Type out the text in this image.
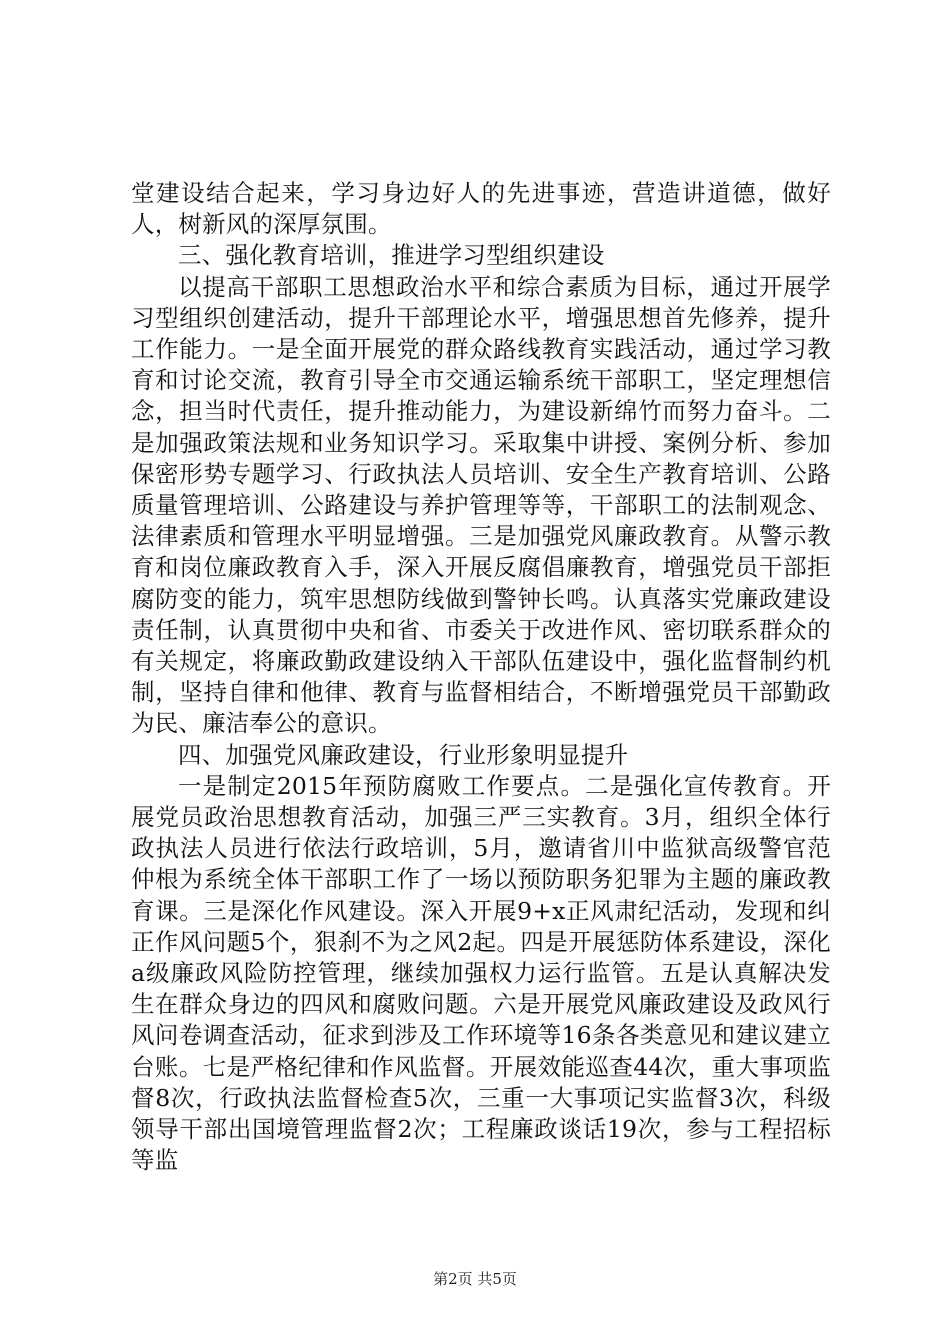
堂建设结合起来，学习身边好人的先进事迹，营造讲道德，做好人，树新风的深厚氛围。

三、强化教育培训，推进学习型组织建设

以提高干部职工思想政治水平和综合素质为目标，通过开展学习型组织创建活动，提升干部理论水平，增强思想首先修养，提升工作能力。一是全面开展党的群众路线教育实践活动，通过学习教育和讨论交流，教育引导全市交通运输系统干部职工，坚定理想信念，担当时代责任，提升推动能力，为建设新绵竹而努力奋斗。二是加强政策法规和业务知识学习。采取集中讲授、案例分析、参加保密形势专题学习、行政执法人员培训、安全生产教育培训、公路质量管理培训、公路建设与养护管理等等，干部职工的法制观念、法律素质和管理水平明显增强。三是加强党风廉政教育。从警示教育和岗位廉政教育入手，深入开展反腐倡廉教育，增强党员干部拒腐防变的能力，筑牢思想防线做到警钟长鸣。认真落实党廉政建设责任制，认真贯彻中央和省、市委关于改进作风、密切联系群众的有关规定，将廉政勤政建设纳入干部队伍建设中，强化监督制约机制，坚持自律和他律、教育与监督相结合，不断增强党员干部勤政为民、廉洁奉公的意识。

四、加强党风廉政建设，行业形象明显提升

一是制定2015年预防腐败工作要点。二是强化宣传教育。开展党员政治思想教育活动，加强三严三实教育。3月，组织全体行政执法人员进行依法行政培训，5月，邀请省川中监狱高级警官范仲根为系统全体干部职工作了一场以预防职务犯罪为主题的廉政教育课。三是深化作风建设。深入开展9+x正风肃纪活动，发现和纠正作风问题5个，狠刹不为之风2起。四是开展惩防体系建设，深化a级廉政风险防控管理，继续加强权力运行监管。五是认真解决发生在群众身边的四风和腐败问题。六是开展党风廉政建设及政风行风问卷调查活动，征求到涉及工作环境等16条各类意见和建议建立台账。七是严格纪律和作风监督。开展效能巡查44次，重大事项监督8次，行政执法监督检查5次，三重一大事项记实监督3次，科级领导干部出国境管理监督2次；工程廉政谈话19次，参与工程招标等监

第2页 共5页
